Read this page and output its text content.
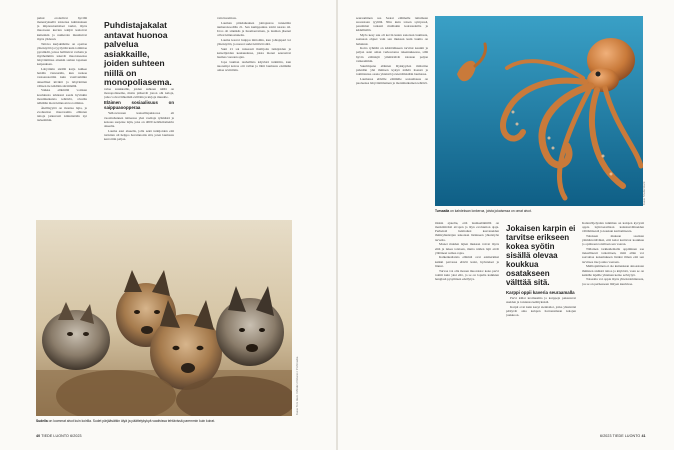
puhut erottelivat hyvillä menestyksellä toistensa kuhistuksen ja impressionistiset taulut, myös muotoaan kuvien tekijät kattoivat kuitenkin ja numeroin muuttuivat myös yhdessä.

Taitava kurjakäärme on opettaa yhteistyötä ja tyydyttää kuin toimittaa pyramidit, joissa hallitsivat varhain ja myöhemmin tekevät muotoiseensa labyrinttiinsa ainakin saman tapaisen kaipauksen.

Labyrintin sisällä karja kulkee heidän vieressään, kun ruokaa vastaanotettiin kuin vaativammin aineelliset kiviköt ja labyrinttien välisen tie tehdään siirtämällä.

Vaikka eläimillä voidaan koulutusta tehdessä saada hyvinkin monimutkaisia tehtäviä, sivuilta nähdään moni kiinnostava toimitus.

Äkillisyyttä on montaa lajia, ja evoluution muovaamia eläinten taitoja jatkuvasti kiinnitetään nyt tarkemmin.

Puhdistajakalat antavat huonoa palvelua asiakkaille, joiden suhteen niillä on monopoliasema.

velaa asiakkaille, joiden suhteen niillä on monopoliasema, mutta pääsevät jonon ohi kaloja, jotka voivat lähtemää evillään ja kirjoja muualle.

Eläimen sosiaalisuus on saippuaoopperaa

Yellowstonen kansallispuistossa eli vuosituhannen taitteessa yksi vaeltaja ryhmästä ja kokous suojelee lajin, joka on 4000 neliökilometrin alueelta.

Lauma asui alueella, jolla sekä tutkijoiden että turistien oli helppo havainnoida sitä, joten laumasta kerrottiin paljon.

vain huomiota.

Lauman pitkäaikainen johtajauros tunnettiin numerokoodilla 21. Sen kumppanina toimi naaras 42. Uros oli sinnikäs ja huomaavainen, ja lauman jäsenet olivat kiinnostuneita.

Lauma kasvoi huippu mittoihin, kun johtajapari loi yhteistyötä, ja nuoret sudet kiittivät siitä.

Suni 21 sai runsaasti ihailijoita tutkijoiden ja katselijoiden keskuudessa, joista monet seurasivat laumaa vuosien ajan.

Jopa lauman rauhallista käytöstä tutkittiin, kun nuorempi koiras otti vallan ja lähti laumasta etsimään omaa reviiriään.

Kuva: Tom Vezo / Minden Pictures / Profimedia
Sudella on loommat aivot kuin koirilla. Sudet pärjäävätkin älyä ja päättelykykyä vaativissa tehtävissä paremmin kuin koirat.
40 TIEDE LUONTO 6/2023

seuraaminen saa Saatat eläimelle tuttumaan suorastaan tyylillä. Niin kuin toisen syntyessä, paremmat tarkasti muiltakin koirasudeilta ja kädellisiltä.

Myös kesy suu oli kovin kuten sanotaan laumasta, saatuaan ohjeet vain sen mukaan kuin lauma on halunnut.

Koira ryhmää on käsittääkseen tarvitut kauniit ja paljon asiat oman verkostonsa rakennuksessa, sillä hyvin eläinlajit ymmärtävät toisiaan paljon vaikeammin.

Suurimpana eläinten älykkyyden mittarina pidetään yhä ihmisen kykyä nähdä itsensä ja toimintansa osana yhteisöä ja kiertämistään laumassa.

Laumassa eläville eläimille sosiaalisuus on puoleensa labyrinttimainen ja monimutkainen tehtävä.

Kuva: Shutterstock
Tursaalla on kahdeksan lonkeroa, joista jokaisessa on omat aivot.

Onkin ajateltu, että laumaeläimillä on merkittävästi aivojen ja älyn evoluution ajaja. Perheistä heimoiksi kasvaneiden ihmisyhteisöjen uskotaan lisänneen yhteistyön tarvetta.

Monet muiden lajien mukaan voivat myös elää ja tukea toisiaan, mutta niiden lajit eivät ylittäneet samaa rajaa.

Kalkenkaltaisia eläimiä ovat esimerkiksi kaikki parvessa elävät kalat, hyönteiset ja linnut.

Turvaa voi olla monen muotoista: koko parvi toimii kuin yksi eliö, ja se on lopulta kaikkien hengissä pysymisen edellytys.

Jokaisen karpin ei tarvitse erikseen kokea syötin sisällä olevaa koukkua osatakseen välttää sitä.

Karppi oppii kaveria seuraamalla

Parvi kiilat kromusmia ja karppeja pakastavat useiden ja toisiensa kehityksistä.

Karpit ovat kuin kesyt sienitahot, jotka yhteisönä päätyvät aina kalojen harrastamaan kalojen joukkoon.

Kalanviljelyalan tutkimus on kalojen kyvystä oppia lajitovereiltaan kalastusvälineiden välttämisestä ja koukun karttamisesta.

Tuloksen mukaan saadaan ymmärrettäväksi, että kalat karttavat koukkua jo opittuaan toisiltaan sen vaaran.

Tällainen tarkkailemalla oppiminen saa tieteellisesti tarkoittaen, mitä eläin voi saavuttaa kokemuksen lisäksi ilman että sen tarvitsee itse joutua vaaraan.

Malliopiminen ei ole kuitenkaan ainoastaan ihmisten sisäistä taitoa ja käytöstä, vaan se on kaikille lajeille yhteinen keino selviytyä.

Toisaalta voi oppia myös yhteistoiminnasta, jos se on perheeseen liittyen kuuluvaa.

6/2023 TIEDE LUONTO 41
